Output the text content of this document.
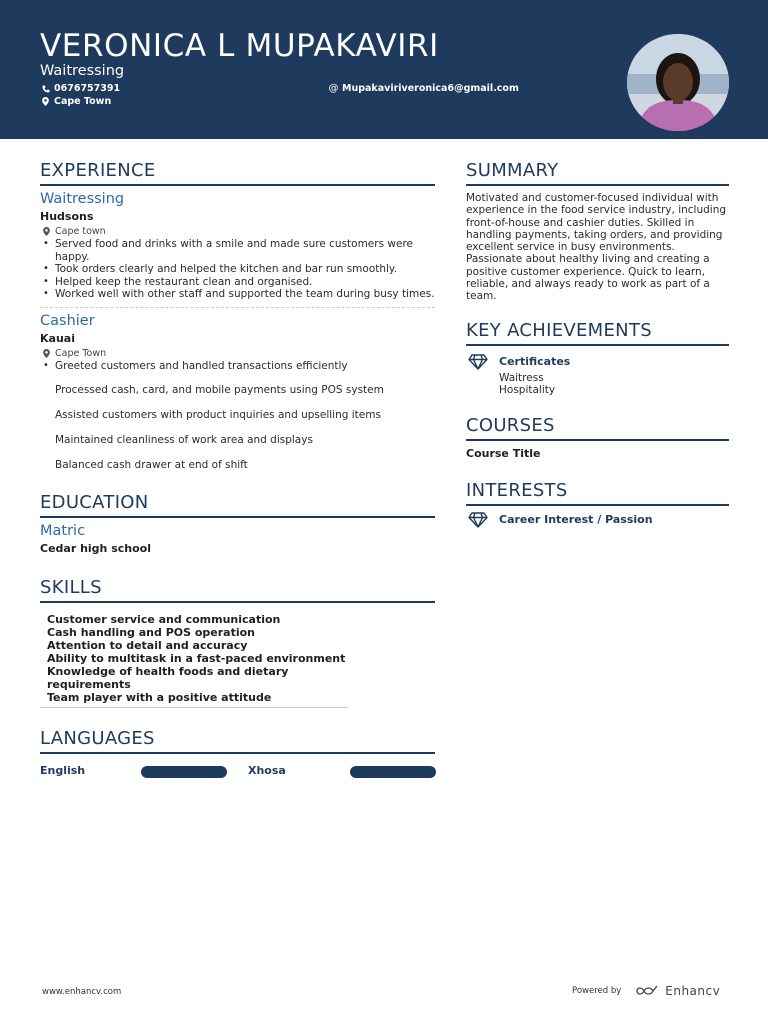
VERONICA L MUPAKAVIRI
Waitressing
0676757391
Cape Town
@ Mupakaviriveronica6@gmail.com
EXPERIENCE
Waitressing
Hudsons
Cape town
• Served food and drinks with a smile and made sure customers were happy.
• Took orders clearly and helped the kitchen and bar run smoothly.
• Helped keep the restaurant clean and organised.
• Worked well with other staff and supported the team during busy times.
Cashier
Kauai
Cape Town
• Greeted customers and handled transactions efficiently
Processed cash, card, and mobile payments using POS system
Assisted customers with product inquiries and upselling items
Maintained cleanliness of work area and displays
Balanced cash drawer at end of shift
EDUCATION
Matric
Cedar high school
SKILLS
Customer service and communication
Cash handling and POS operation
Attention to detail and accuracy
Ability to multitask in a fast-paced environment
Knowledge of health foods and dietary requirements
Team player with a positive attitude
LANGUAGES
English	Xhosa
SUMMARY
Motivated and customer-focused individual with experience in the food service industry, including front-of-house and cashier duties. Skilled in handling payments, taking orders, and providing excellent service in busy environments. Passionate about healthy living and creating a positive customer experience. Quick to learn, reliable, and always ready to work as part of a team.
KEY ACHIEVEMENTS
Certificates
Waitress
Hospitality
COURSES
Course Title
INTERESTS
Career Interest / Passion
www.enhancv.com	Powered by	Enhancv
